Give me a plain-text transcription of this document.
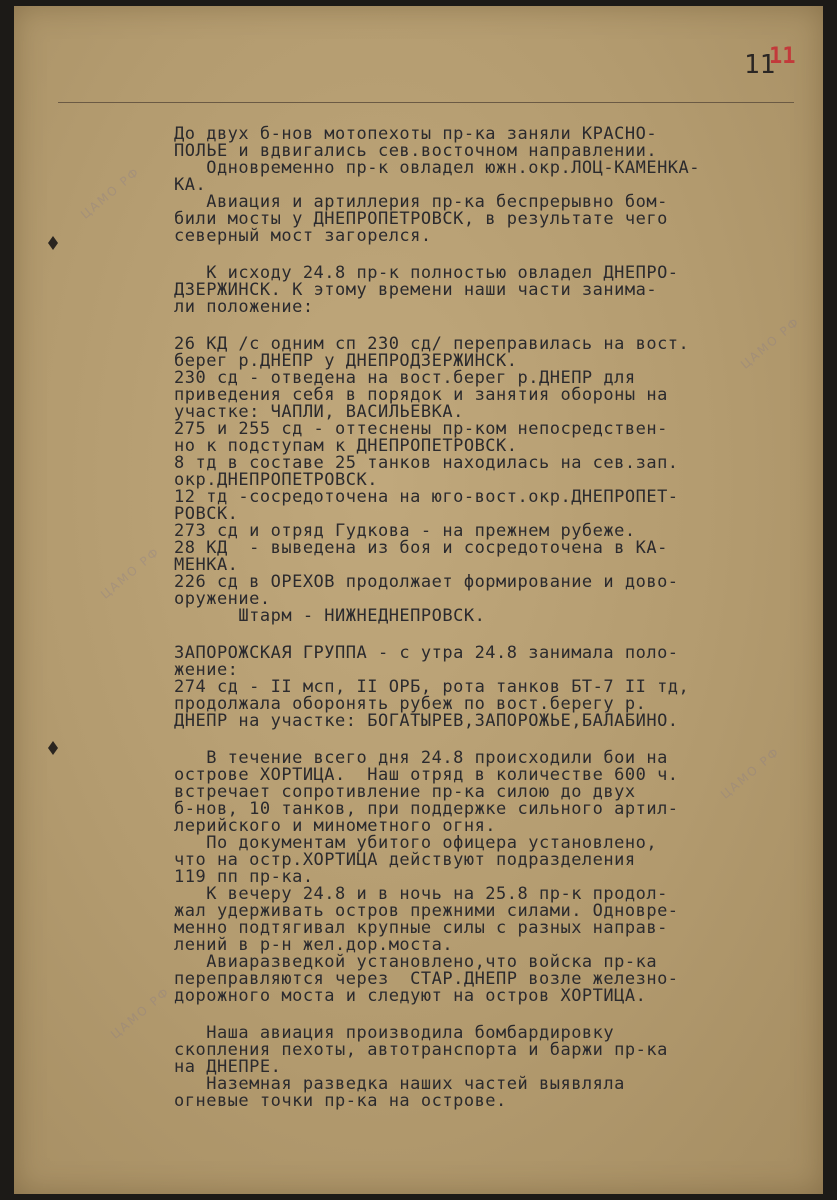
ЦАМО РФ
ЦАМО РФ
ЦАМО РФ
ЦАМО РФ
ЦАМО РФ
11
11
До двух б-нов мотопехоты пр-ка заняли КРАСНО-
ПОЛЬЕ и вдвигались сев.восточном направлении.
Одновременно пр-к овладел южн.окр.ЛОЦ-КАМЕНКА-
КА.
Авиация и артиллерия пр-ка беспрерывно бом-
били мосты у ДНЕПРОПЕТРОВСК, в результате чего
северный мост загорелся.
К исходу 24.8 пр-к полностью овладел ДНЕПРО-
ДЗЕРЖИНСК. К этому времени наши части занима-
ли положение:
26 КД /с одним сп 230 сд/ переправилась на вост.
берег р.ДНЕПР у ДНЕПРОДЗЕРЖИНСК.
230 сд - отведена на вост.берег р.ДНЕПР для
приведения себя в порядок и занятия обороны на
участке: ЧАПЛИ, ВАСИЛЬЕВКА.
275 и 255 сд - оттеснены пр-ком непосредствен-
но к подступам к ДНЕПРОПЕТРОВСК.
8 тд в составе 25 танков находилась на сев.зап.
окр.ДНЕПРОПЕТРОВСК.
12 тд -сосредоточена на юго-вост.окр.ДНЕПРОПЕТ-
РОВСК.
273 сд и отряд Гудкова - на прежнем рубеже.
28 КД  - выведена из боя и сосредоточена в КА-
МЕНКА.
226 сд в ОРЕХОВ продолжает формирование и дово-
оружение.
Штарм - НИЖНЕДНЕПРОВСК.
ЗАПОРОЖСКАЯ ГРУППА - с утра 24.8 занимала поло-
жение:
274 сд - II мсп, II ОРБ, рота танков БТ-7 II тд,
продолжала оборонять рубеж по вост.берегу р.
ДНЕПР на участке: БОГАТЫРЕВ,ЗАПОРОЖЬЕ,БАЛАБИНО.
В течение всего дня 24.8 происходили бои на
острове ХОРТИЦА.  Наш отряд в количестве 600 ч.
встречает сопротивление пр-ка силою до двух
б-нов, 10 танков, при поддержке сильного артил-
лерийского и минометного огня.
По документам убитого офицера установлено,
что на остр.ХОРТИЦА действуют подразделения
119 пп пр-ка.
К вечеру 24.8 и в ночь на 25.8 пр-к продол-
жал удерживать остров прежними силами. Одновре-
менно подтягивал крупные силы с разных направ-
лений в р-н жел.дор.моста.
Авиаразведкой установлено,что войска пр-ка
переправляются через  СТАР.ДНЕПР возле железно-
дорожного моста и следуют на остров ХОРТИЦА.
Наша авиация производила бомбардировку
скопления пехоты, автотранспорта и баржи пр-ка
на ДНЕПРЕ.
Наземная разведка наших частей выявляла
огневые точки пр-ка на острове.
